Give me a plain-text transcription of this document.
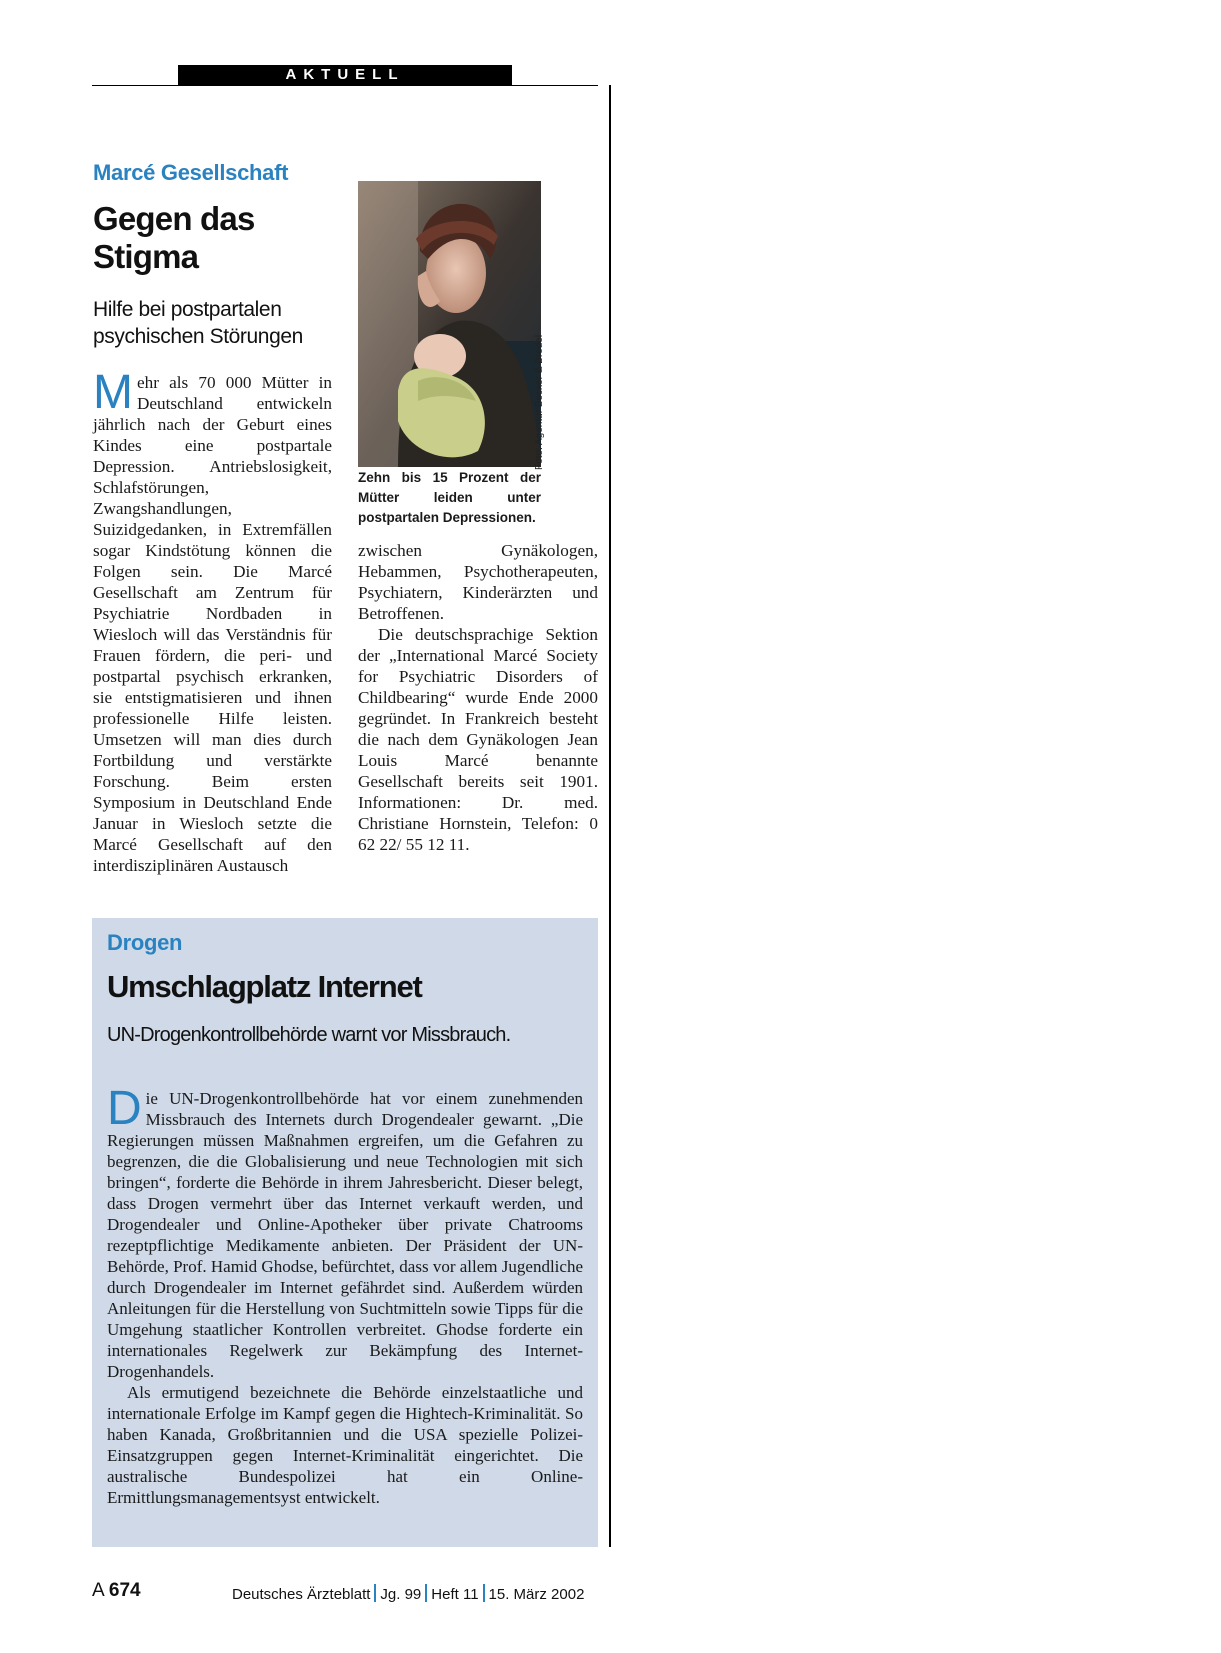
AKTUELL
Marcé Gesellschaft
Gegen das
Stigma
Hilfe bei postpartalen
psychischen Störungen

Mehr als 70 000 Mütter in Deutschland entwickeln jährlich nach der Geburt eines Kindes eine postpartale Depression. Antriebslosigkeit, Schlafstörungen, Zwangshandlungen, Suizidgedanken, in Extremfällen sogar Kindstötung können die Folgen sein. Die Marcé Gesellschaft am Zentrum für Psychiatrie Nordbaden in Wiesloch will das Verständnis für Frauen fördern, die peri- und postpartal psychisch erkranken, sie entstigmatisieren und ihnen professionelle Hilfe leisten. Umsetzen will man dies durch Fortbildung und verstärkte Forschung. Beim ersten Symposium in Deutschland Ende Januar in Wiesloch setzte die Marcé Gesellschaft auf den interdisziplinären Austausch

Foto: Agentur Becker & Bredel
Zehn bis 15 Prozent der Mütter leiden unter postpartalen Depressionen.

zwischen Gynäkologen, Hebammen, Psychotherapeuten, Psychiatern, Kinderärzten und Betroffenen.

Die deutschsprachige Sektion der „International Marcé Society for Psychiatric Disorders of Childbearing“ wurde Ende 2000 gegründet. In Frankreich besteht die nach dem Gynäkologen Jean Louis Marcé benannte Gesellschaft bereits seit 1901. Informationen: Dr. med. Christiane Hornstein, Telefon: 0 62 22/ 55 12 11.

Drogen
Umschlagplatz Internet
UN-Drogenkontrollbehörde warnt vor Missbrauch.

Die UN-Drogenkontrollbehörde hat vor einem zunehmenden Missbrauch des Internets durch Drogendealer gewarnt. „Die Regierungen müssen Maßnahmen ergreifen, um die Gefahren zu begrenzen, die die Globalisierung und neue Technologien mit sich bringen“, forderte die Behörde in ihrem Jahresbericht. Dieser belegt, dass Drogen vermehrt über das Internet verkauft werden, und Drogendealer und Online-Apotheker über private Chatrooms rezeptpflichtige Medikamente anbieten. Der Präsident der UN-Behörde, Prof. Hamid Ghodse, befürchtet, dass vor allem Jugendliche durch Drogendealer im Internet gefährdet sind. Außerdem würden Anleitungen für die Herstellung von Suchtmitteln sowie Tipps für die Umgehung staatlicher Kontrollen verbreitet. Ghodse forderte ein internationales Regelwerk zur Bekämpfung des Internet-Drogenhandels.

Als ermutigend bezeichnete die Behörde einzelstaatliche und internationale Erfolge im Kampf gegen die Hightech-Kriminalität. So haben Kanada, Großbritannien und die USA spezielle Polizei-Einsatzgruppen gegen Internet-Kriminalität eingerichtet. Die australische Bundespolizei hat ein Online-Ermittlungsmanagementsyst entwickelt.

A 674	Deutsches Ärzteblatt Jg. 99 Heft 11 15. März 2002
